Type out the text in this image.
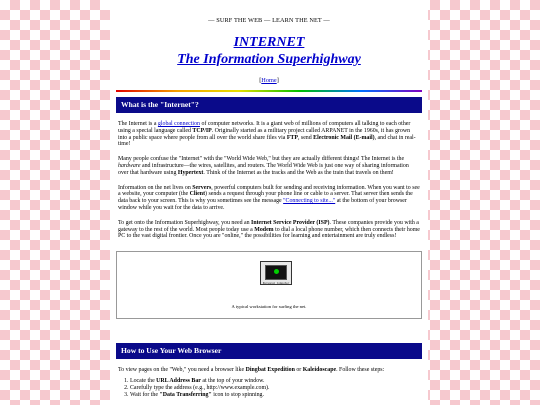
— SURF THE WEB — LEARN THE NET —
INTERNET
The Information Superhighway
[Home]
What is the "Internet"?

The Internet is a global connection of computer networks. It is a giant web of millions of computers all talking to each other using a special language called TCP/IP. Originally started as a military project called ARPANET in the 1960s, it has grown into a public space where people from all over the world share files via FTP, send Electronic Mail (E-mail), and chat in real-time!

Many people confuse the "Internet" with the "World Wide Web," but they are actually different things! The Internet is the hardware and infrastructure—the wires, satellites, and routers. The World Wide Web is just one way of sharing information over that hardware using Hypertext. Think of the Internet as the tracks and the Web as the train that travels on them!

Information on the net lives on Servers, powerful computers built for sending and receiving information. When you want to see a website, your computer (the Client) sends a request through your phone line or cable to a server. That server then sends the data back to your screen. This is why you sometimes see the message "Connecting to site..." at the bottom of your browser window while you wait for the data to arrive.

To get onto the Information Superhighway, you need an Internet Service Provider (ISP). These companies provide you with a gateway to the rest of the world. Most people today use a Modem to dial a local phone number, which then connects their home PC to the vast digital frontier. Once you are "online," the possibilities for learning and entertainment are truly endless!

Personal Computer
A typical workstation for surfing the net.
How to Use Your Web Browser

To view pages on the "Web," you need a browser like Dingbat Expedition or Kaleidoscape. Follow these steps:

1. Locate the URL Address Bar at the top of your window.
2. Carefully type the address (e.g., http://www.example.com).
3. Wait for the "Data Transferring" icon to stop spinning.
